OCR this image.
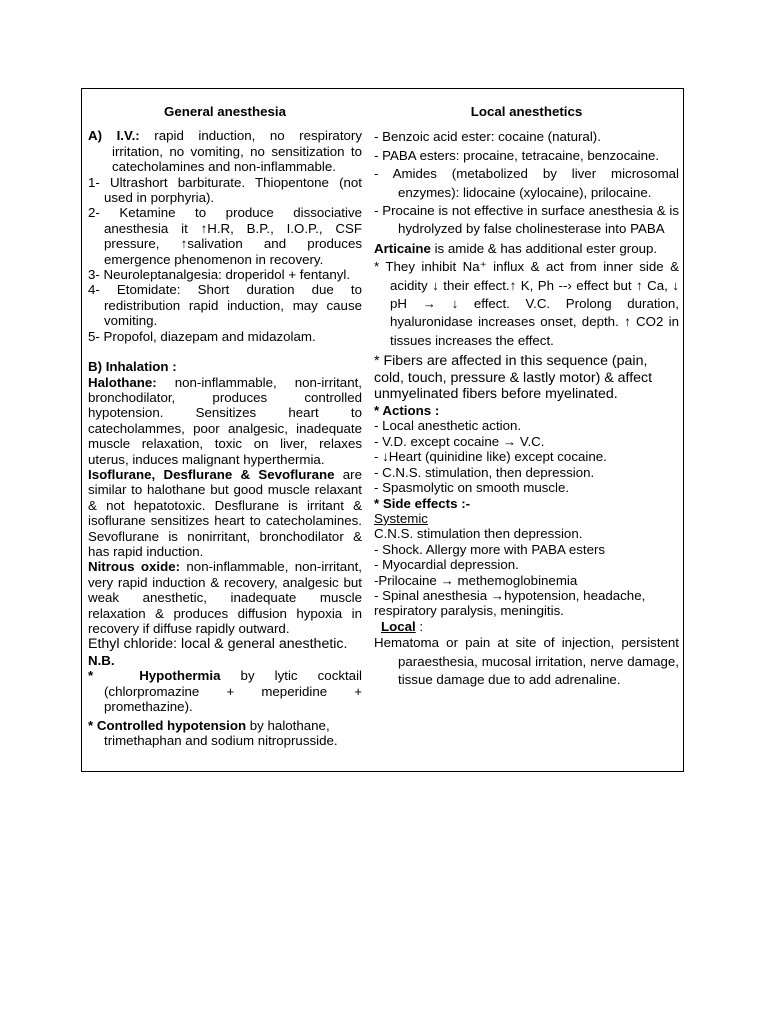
General anesthesia

A) I.V.: rapid induction, no respiratory irritation, no vomiting, no sensitization to catecholamines and non-inflammable.

1- Ultrashort barbiturate. Thiopentone (not used in porphyria).

2- Ketamine to produce dissociative anesthesia it ↑H.R, B.P., I.O.P., CSF pressure, ↑salivation and produces emergence phenomenon in recovery.

3- Neuroleptanalgesia: droperidol + fentanyl.

4- Etomidate: Short duration due to redistribution rapid induction, may cause vomiting.

5- Propofol, diazepam and midazolam.

B) Inhalation :

Halothane: non-inflammable, non-irritant, bronchodilator, produces controlled hypotension. Sensitizes heart to catecholammes, poor analgesic, inadequate muscle relaxation, toxic on liver, relaxes uterus, induces malignant hyperthermia.

Isoflurane, Desflurane & Sevoflurane are similar to halothane but good muscle relaxant & not hepatotoxic. Desflurane is irritant & isoflurane sensitizes heart to catecholamines. Sevoflurane is nonirritant, bronchodilator & has rapid induction.

Nitrous oxide: non-inflammable, non-irritant, very rapid induction & recovery, analgesic but weak anesthetic, inadequate muscle relaxation & produces diffusion hypoxia in recovery if diffuse rapidly outward.

Ethyl chloride: local & general anesthetic.

N.B.

*	Hypothermia by lytic cocktail (chlorpromazine + meperidine + promethazine).

* Controlled hypotension by halothane, trimethaphan and sodium nitroprusside.

Local anesthetics

- Benzoic acid ester: cocaine (natural).

- PABA esters: procaine, tetracaine, benzocaine.

- Amides (metabolized by liver microsomal enzymes): lidocaine (xylocaine), prilocaine.

- Procaine is not effective in surface anesthesia & is hydrolyzed by false cholinesterase into PABA

Articaine is amide & has additional ester group.

* They inhibit Na⁺ influx & act from inner side & acidity ↓ their effect.↑ K, Ph --› effect but ↑ Ca, ↓ pH → ↓ effect. V.C. Prolong duration, hyaluronidase increases onset, depth. ↑ CO2 in tissues increases the effect.

* Fibers are affected in this sequence (pain, cold, touch, pressure & lastly motor) & affect unmyelinated fibers before myelinated.

* Actions :

- Local anesthetic action.

- V.D. except cocaine → V.C.

- ↓Heart (quinidine like) except cocaine.

- C.N.S. stimulation, then depression.

- Spasmolytic on smooth muscle.

* Side effects :-

Systemic

C.N.S. stimulation then depression.

- Shock. Allergy more with PABA esters

- Myocardial depression.

-Prilocaine → methemoglobinemia

- Spinal anesthesia →hypotension, headache, respiratory paralysis, meningitis.

Local :

Hematoma or pain at site of injection, persistent paraesthesia, mucosal irritation, nerve damage, tissue damage due to add adrenaline.
